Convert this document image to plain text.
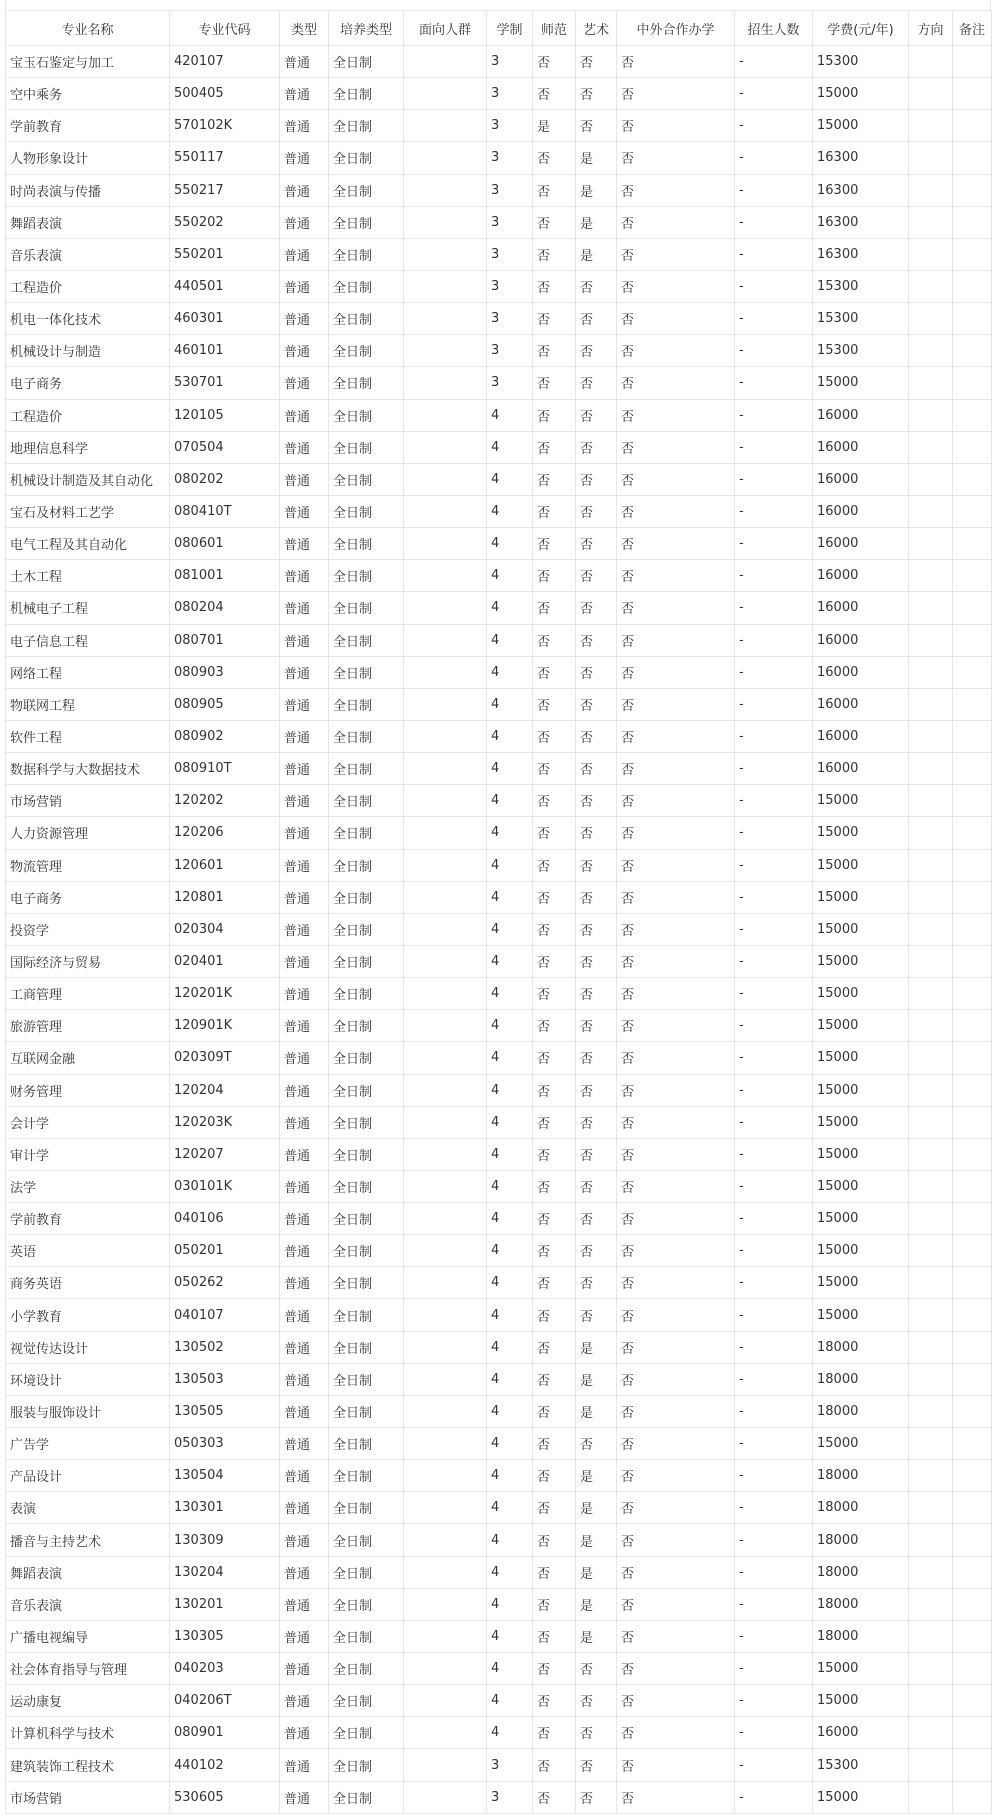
专业名称	专业代码	类型	培养类型	面向人群	学制	师范	艺术	中外合作办学	招生人数	学费(元/年)	方向	备注
宝玉石鉴定与加工	420107	普通	全日制		3	否	否	否	-	15300		
空中乘务	500405	普通	全日制		3	否	否	否	-	15000		
学前教育	570102K	普通	全日制		3	是	否	否	-	15000		
人物形象设计	550117	普通	全日制		3	否	是	否	-	16300		
时尚表演与传播	550217	普通	全日制		3	否	是	否	-	16300		
舞蹈表演	550202	普通	全日制		3	否	是	否	-	16300		
音乐表演	550201	普通	全日制		3	否	是	否	-	16300		
工程造价	440501	普通	全日制		3	否	否	否	-	15300		
机电一体化技术	460301	普通	全日制		3	否	否	否	-	15300		
机械设计与制造	460101	普通	全日制		3	否	否	否	-	15300		
电子商务	530701	普通	全日制		3	否	否	否	-	15000		
工程造价	120105	普通	全日制		4	否	否	否	-	16000		
地理信息科学	070504	普通	全日制		4	否	否	否	-	16000		
机械设计制造及其自动化	080202	普通	全日制		4	否	否	否	-	16000		
宝石及材料工艺学	080410T	普通	全日制		4	否	否	否	-	16000		
电气工程及其自动化	080601	普通	全日制		4	否	否	否	-	16000		
土木工程	081001	普通	全日制		4	否	否	否	-	16000		
机械电子工程	080204	普通	全日制		4	否	否	否	-	16000		
电子信息工程	080701	普通	全日制		4	否	否	否	-	16000		
网络工程	080903	普通	全日制		4	否	否	否	-	16000		
物联网工程	080905	普通	全日制		4	否	否	否	-	16000		
软件工程	080902	普通	全日制		4	否	否	否	-	16000		
数据科学与大数据技术	080910T	普通	全日制		4	否	否	否	-	16000		
市场营销	120202	普通	全日制		4	否	否	否	-	15000		
人力资源管理	120206	普通	全日制		4	否	否	否	-	15000		
物流管理	120601	普通	全日制		4	否	否	否	-	15000		
电子商务	120801	普通	全日制		4	否	否	否	-	15000		
投资学	020304	普通	全日制		4	否	否	否	-	15000		
国际经济与贸易	020401	普通	全日制		4	否	否	否	-	15000		
工商管理	120201K	普通	全日制		4	否	否	否	-	15000		
旅游管理	120901K	普通	全日制		4	否	否	否	-	15000		
互联网金融	020309T	普通	全日制		4	否	否	否	-	15000		
财务管理	120204	普通	全日制		4	否	否	否	-	15000		
会计学	120203K	普通	全日制		4	否	否	否	-	15000		
审计学	120207	普通	全日制		4	否	否	否	-	15000		
法学	030101K	普通	全日制		4	否	否	否	-	15000		
学前教育	040106	普通	全日制		4	否	否	否	-	15000		
英语	050201	普通	全日制		4	否	否	否	-	15000		
商务英语	050262	普通	全日制		4	否	否	否	-	15000		
小学教育	040107	普通	全日制		4	否	否	否	-	15000		
视觉传达设计	130502	普通	全日制		4	否	是	否	-	18000		
环境设计	130503	普通	全日制		4	否	是	否	-	18000		
服装与服饰设计	130505	普通	全日制		4	否	是	否	-	18000		
广告学	050303	普通	全日制		4	否	否	否	-	15000		
产品设计	130504	普通	全日制		4	否	是	否	-	18000		
表演	130301	普通	全日制		4	否	是	否	-	18000		
播音与主持艺术	130309	普通	全日制		4	否	是	否	-	18000		
舞蹈表演	130204	普通	全日制		4	否	是	否	-	18000		
音乐表演	130201	普通	全日制		4	否	是	否	-	18000		
广播电视编导	130305	普通	全日制		4	否	是	否	-	18000		
社会体育指导与管理	040203	普通	全日制		4	否	否	否	-	15000		
运动康复	040206T	普通	全日制		4	否	否	否	-	15000		
计算机科学与技术	080901	普通	全日制		4	否	否	否	-	16000		
建筑装饰工程技术	440102	普通	全日制		3	否	否	否	-	15300		
市场营销	530605	普通	全日制		3	否	否	否	-	15000		
